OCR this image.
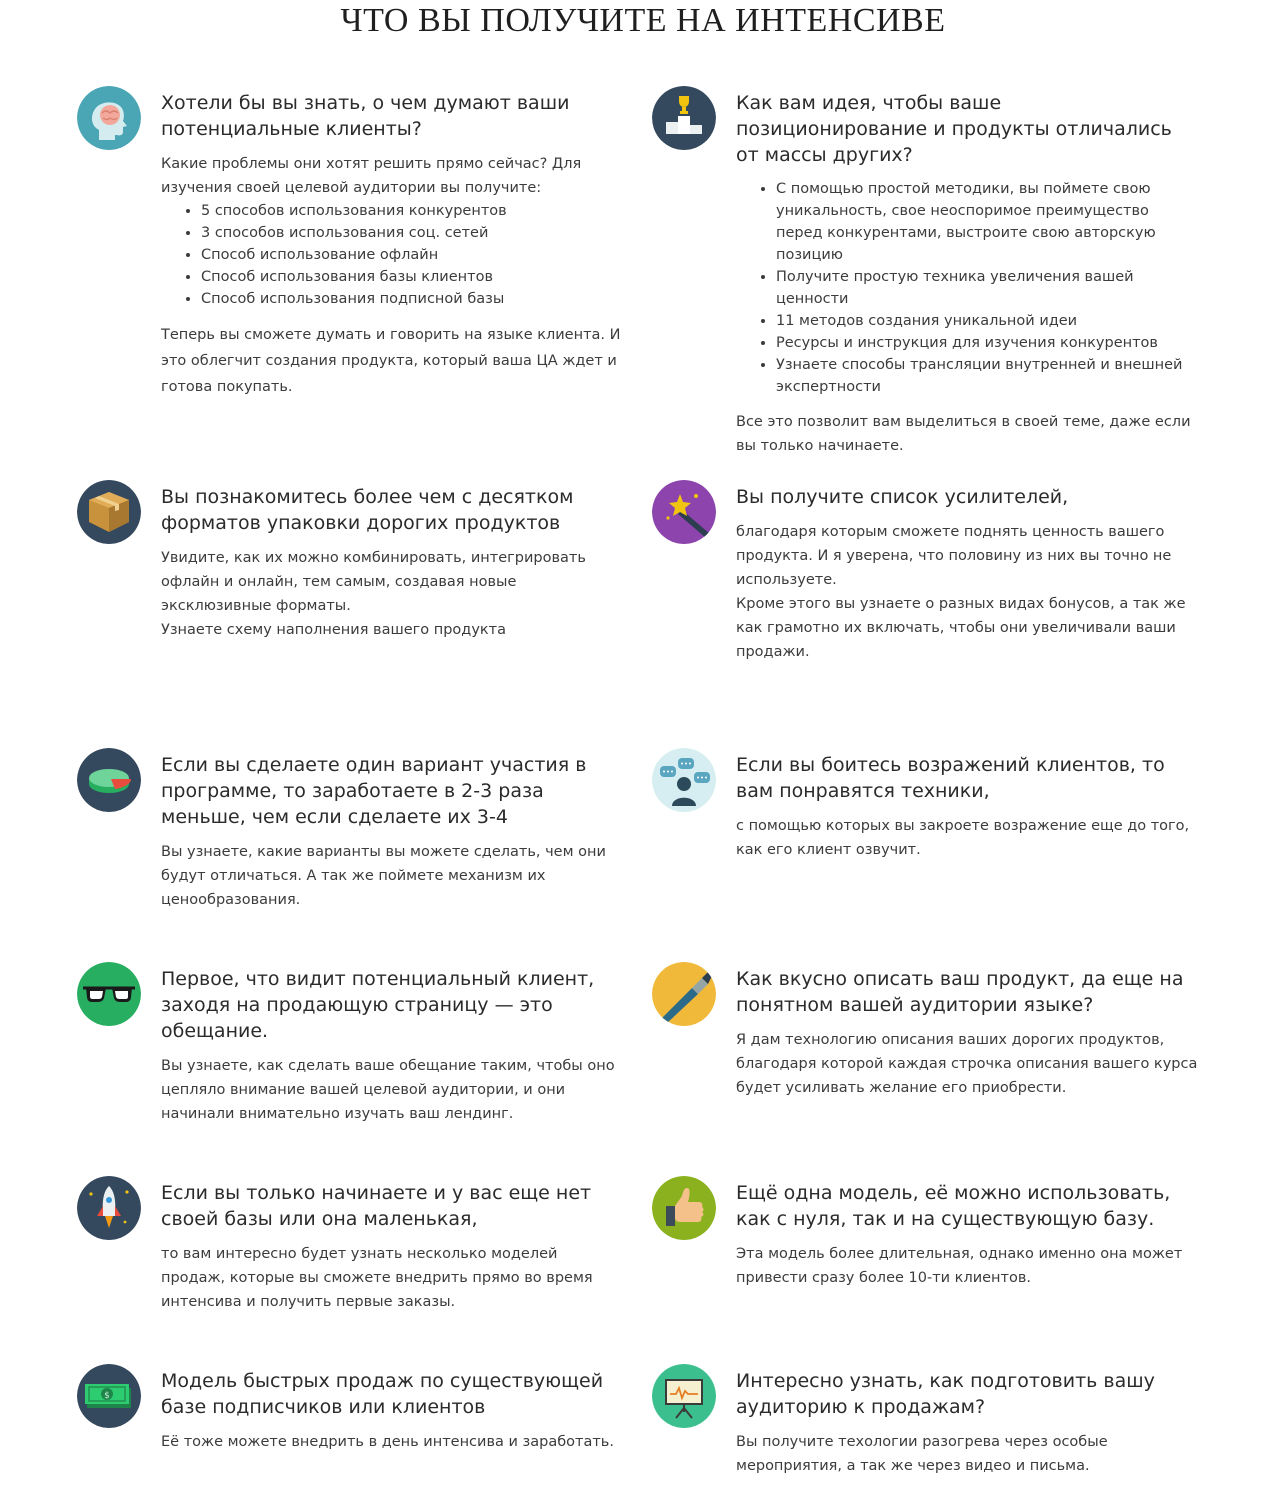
ЧТО ВЫ ПОЛУЧИТЕ НА ИНТЕНСИВЕ
Хотели бы вы знать, о чем думают ваши потенциальные клиенты?

Какие проблемы они хотят решить прямо сейчас? Для изучения своей целевой аудитории вы получите:

• 5 способов использования конкурентов
• 3 способов использования соц. сетей
• Способ использование офлайн
• Способ использования базы клиентов
• Способ использования подписной базы

Теперь вы сможете думать и говорить на языке клиента. И это облегчит создания продукта, который ваша ЦА ждет и готова покупать.

Как вам идея, чтобы ваше позиционирование и продукты отличались от массы других?
• С помощью простой методики, вы поймете свою уникальность, свое неоспоримое преимущество перед конкурентами, выстроите свою авторскую позицию
• Получите простую техника увеличения вашей ценности
• 11 методов создания уникальной идеи
• Ресурсы и инструкция для изучения конкурентов
• Узнаете способы трансляции внутренней и внешней экспертности

Все это позволит вам выделиться в своей теме, даже если вы только начинаете.

Вы познакомитесь более чем с десятком форматов упаковки дорогих продуктов

Увидите, как их можно комбинировать, интегрировать офлайн и онлайн, тем самым, создавая новые эксклюзивные форматы.

Узнаете схему наполнения вашего продукта

Вы получите список усилителей,

благодаря которым сможете поднять ценность вашего продукта. И я уверена, что половину из них вы точно не используете.

Кроме этого вы узнаете о разных видах бонусов, а так же как грамотно их включать, чтобы они увеличивали ваши продажи.

Если вы сделаете один вариант участия в программе, то заработаете в 2-3 раза меньше, чем если сделаете их 3-4

Вы узнаете, какие варианты вы можете сделать, чем они будут отличаться. А так же поймете механизм их ценообразования.

Если вы боитесь возражений клиентов, то вам понравятся техники,

с помощью которых вы закроете возражение еще до того, как его клиент озвучит.

Первое, что видит потенциальный клиент, заходя на продающую страницу — это обещание.

Вы узнаете, как сделать ваше обещание таким, чтобы оно цепляло внимание вашей целевой аудитории, и они начинали внимательно изучать ваш лендинг.

Как вкусно описать ваш продукт, да еще на понятном вашей аудитории языке?

Я дам технологию описания ваших дорогих продуктов, благодаря которой каждая строчка описания вашего курса будет усиливать желание его приобрести.

Если вы только начинаете и у вас еще нет своей базы или она маленькая,

то вам интересно будет узнать несколько моделей продаж, которые вы сможете внедрить прямо во время интенсива и получить первые заказы.

Ещё одна модель, её можно использовать, как с нуля, так и на существующую базу.

Эта модель более длительная, однако именно она может привести сразу более 10-ти клиентов.

$
Модель быстрых продаж по существующей базе подписчиков или клиентов

Её тоже можете внедрить в день интенсива и заработать.

Интересно узнать, как подготовить вашу аудиторию к продажам?

Вы получите техологии разогрева через особые мероприятия, а так же через видео и письма.
